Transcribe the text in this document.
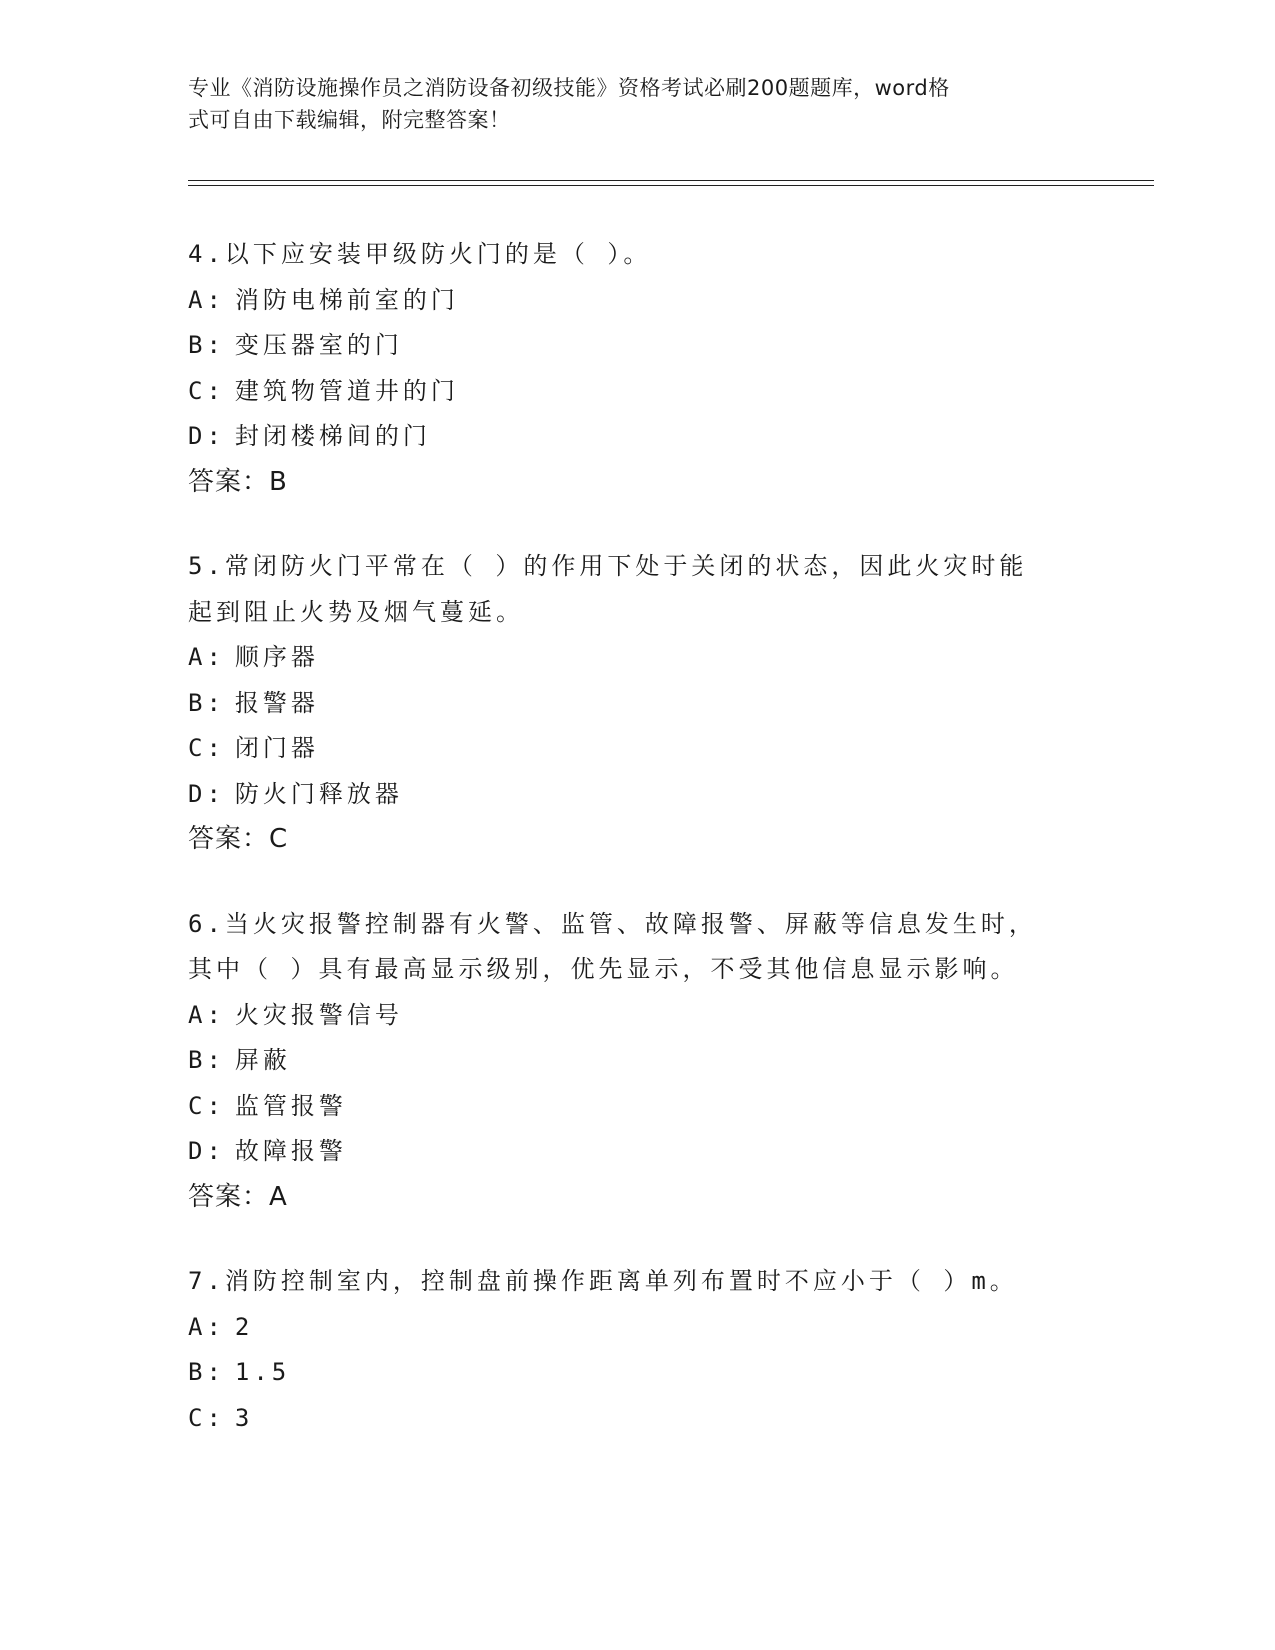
专业《消防设施操作员之消防设备初级技能》资格考试必刷200题题库，word格
式可自由下载编辑，附完整答案！
4.以下应安装甲级防火门的是（ ）。
A: 消防电梯前室的门
B: 变压器室的门
C: 建筑物管道井的门
D: 封闭楼梯间的门
答案：B
5.常闭防火门平常在（ ）的作用下处于关闭的状态，因此火灾时能
起到阻止火势及烟气蔓延。
A: 顺序器
B: 报警器
C: 闭门器
D: 防火门释放器
答案：C
6.当火灾报警控制器有火警、监管、故障报警、屏蔽等信息发生时，
其中（ ）具有最高显示级别，优先显示，不受其他信息显示影响。
A: 火灾报警信号
B: 屏蔽
C: 监管报警
D: 故障报警
答案：A
7.消防控制室内，控制盘前操作距离单列布置时不应小于（ ）m。
A: 2
B: 1.5
C: 3
